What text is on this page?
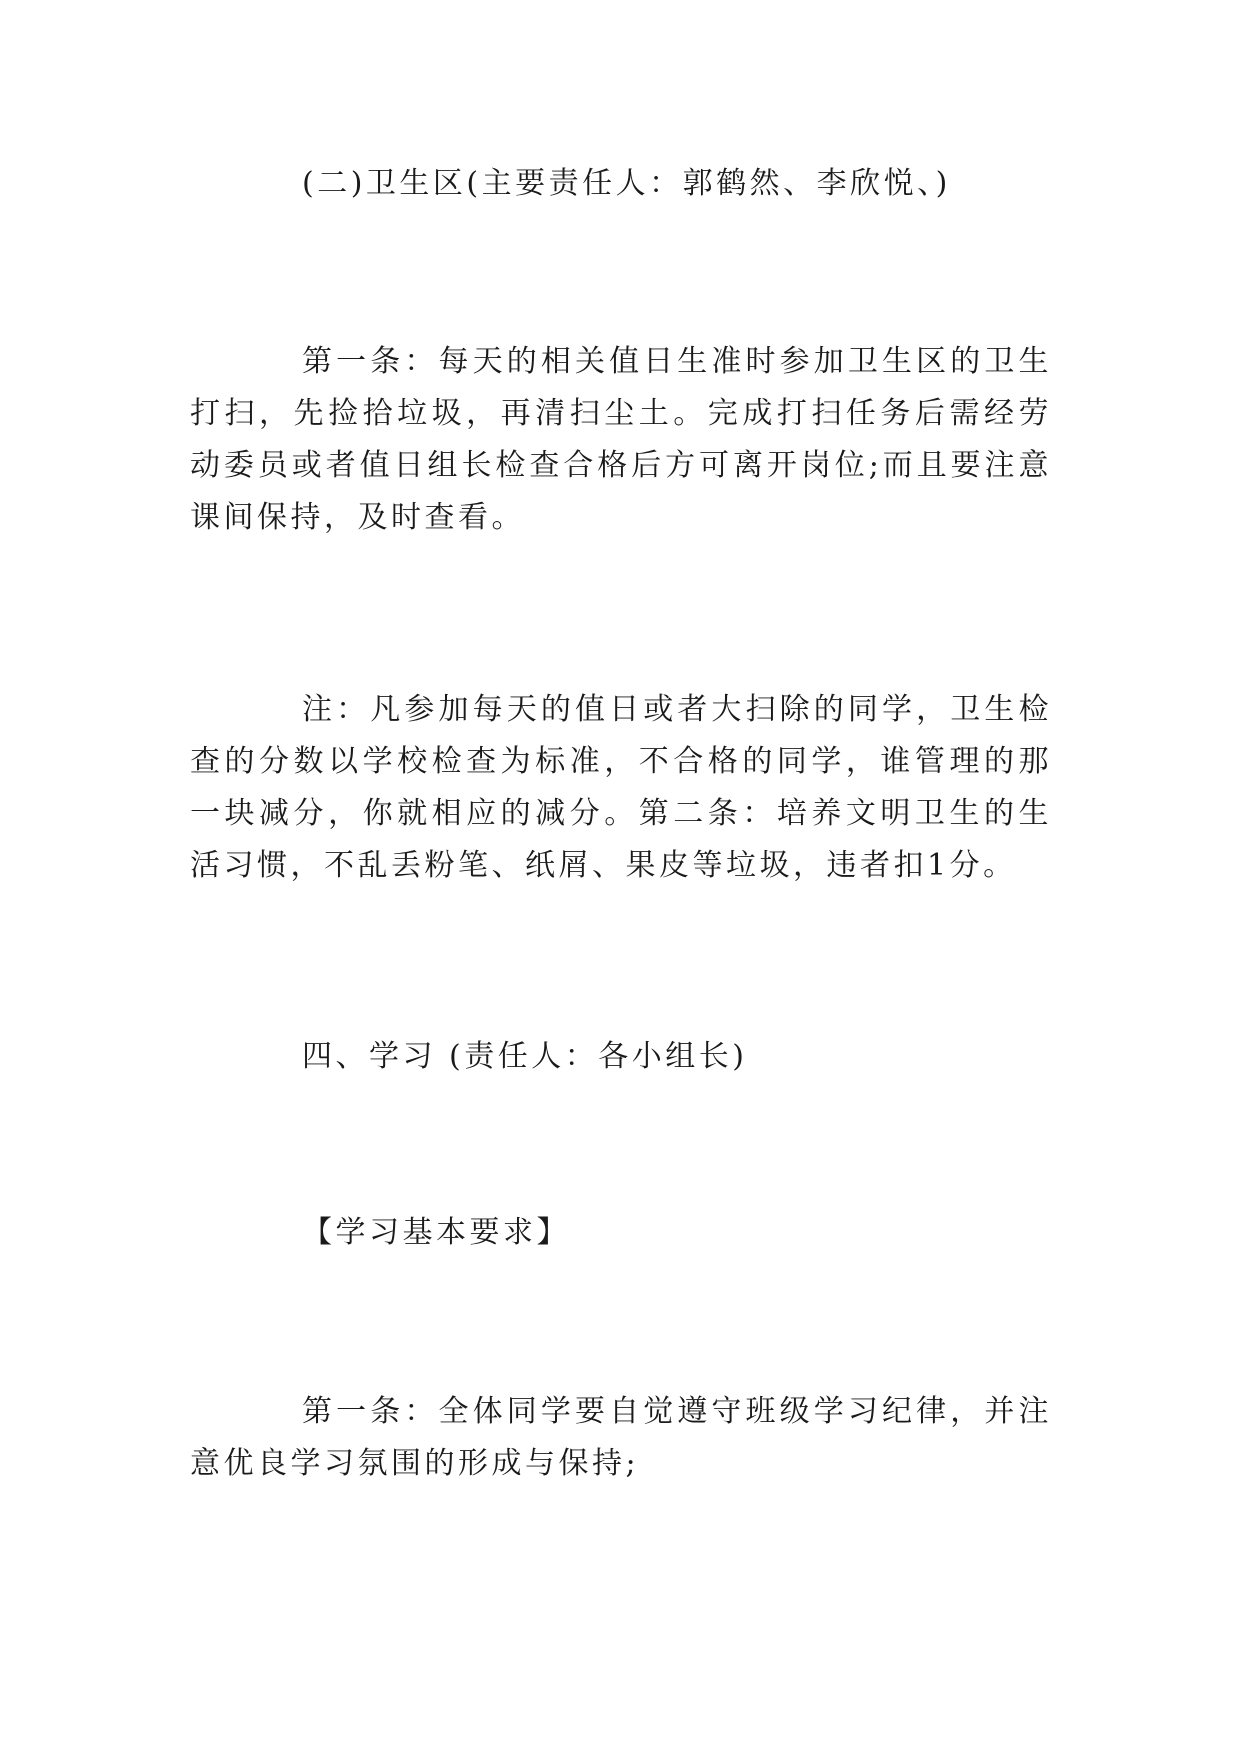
(二)卫生区(主要责任人：郭鹤然、李欣悦、)

第一条：每天的相关值日生准时参加卫生区的卫生打扫，先捡拾垃圾，再清扫尘土。完成打扫任务后需经劳动委员或者值日组长检查合格后方可离开岗位;而且要注意课间保持，及时查看。

注：凡参加每天的值日或者大扫除的同学，卫生检查的分数以学校检查为标准，不合格的同学，谁管理的那一块减分，你就相应的减分。第二条：培养文明卫生的生活习惯，不乱丢粉笔、纸屑、果皮等垃圾，违者扣1分。

四、学习 (责任人：各小组长)

【学习基本要求】

第一条：全体同学要自觉遵守班级学习纪律，并注意优良学习氛围的形成与保持;
